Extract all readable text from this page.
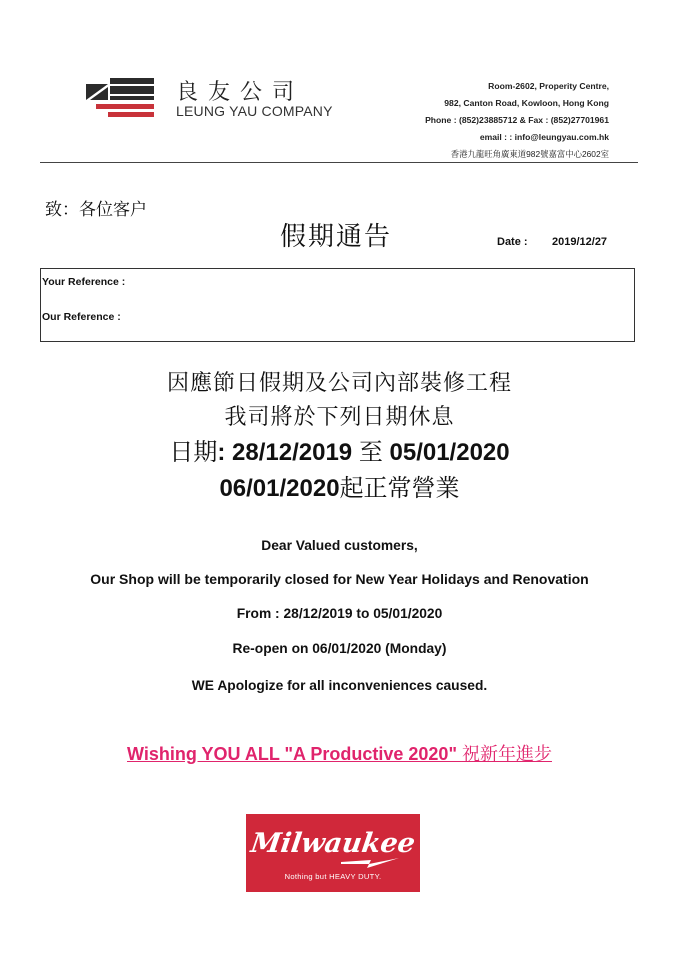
良友公司
LEUNG YAU COMPANY
Room-2602, Properity Centre,
982, Canton Road, Kowloon, Hong Kong
Phone : (852)23885712 & Fax : (852)27701961
email : : info@leungyau.com.hk
香港九龍旺角廣東道982號嘉富中心2602室
致：各位客户
假期通告	Date : 2019/12/27
Your Reference :
Our Reference :
因應節日假期及公司內部裝修工程
我司將於下列日期休息
日期: 28/12/2019 至 05/01/2020
06/01/2020起正常營業
Dear Valued customers,
Our Shop will be temporarily closed for New Year Holidays and Renovation
From : 28/12/2019 to 05/01/2020
Re-open on 06/01/2020 (Monday)
WE Apologize for all inconveniences caused.
Wishing YOU ALL "A Productive 2020" 祝新年進步
Milwaukee
Nothing but HEAVY DUTY.
